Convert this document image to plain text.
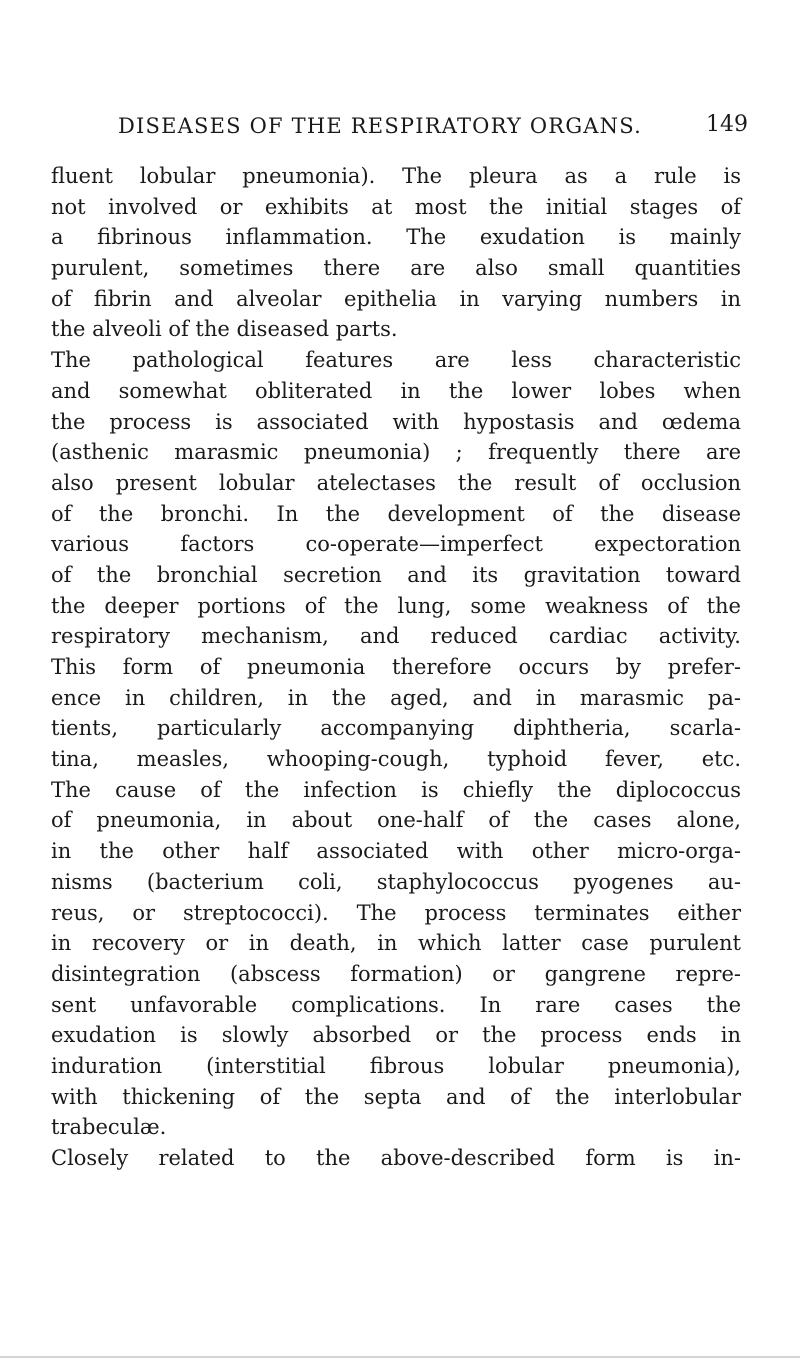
DISEASES OF THE RESPIRATORY ORGANS.	149
fluent lobular pneumonia). The pleura as a rule is
not involved or exhibits at most the initial stages of
a fibrinous inflammation. The exudation is mainly
purulent, sometimes there are also small quantities
of fibrin and alveolar epithelia in varying numbers in
the alveoli of the diseased parts.
The pathological features are less characteristic
and somewhat obliterated in the lower lobes when
the process is associated with hypostasis and œdema
(asthenic marasmic pneumonia) ; frequently there are
also present lobular atelectases the result of occlusion
of the bronchi. In the development of the disease
various factors co-operate—imperfect expectoration
of the bronchial secretion and its gravitation toward
the deeper portions of the lung, some weakness of the
respiratory mechanism, and reduced cardiac activity.
This form of pneumonia therefore occurs by prefer-
ence in children, in the aged, and in marasmic pa-
tients, particularly accompanying diphtheria, scarla-
tina, measles, whooping-cough, typhoid fever, etc.
The cause of the infection is chiefly the diplococcus
of pneumonia, in about one-half of the cases alone,
in the other half associated with other micro-orga-
nisms (bacterium coli, staphylococcus pyogenes au-
reus, or streptococci). The process terminates either
in recovery or in death, in which latter case purulent
disintegration (abscess formation) or gangrene repre-
sent unfavorable complications. In rare cases the
exudation is slowly absorbed or the process ends in
induration (interstitial fibrous lobular pneumonia),
with thickening of the septa and of the interlobular
trabeculæ.
Closely related to the above-described form is in-
